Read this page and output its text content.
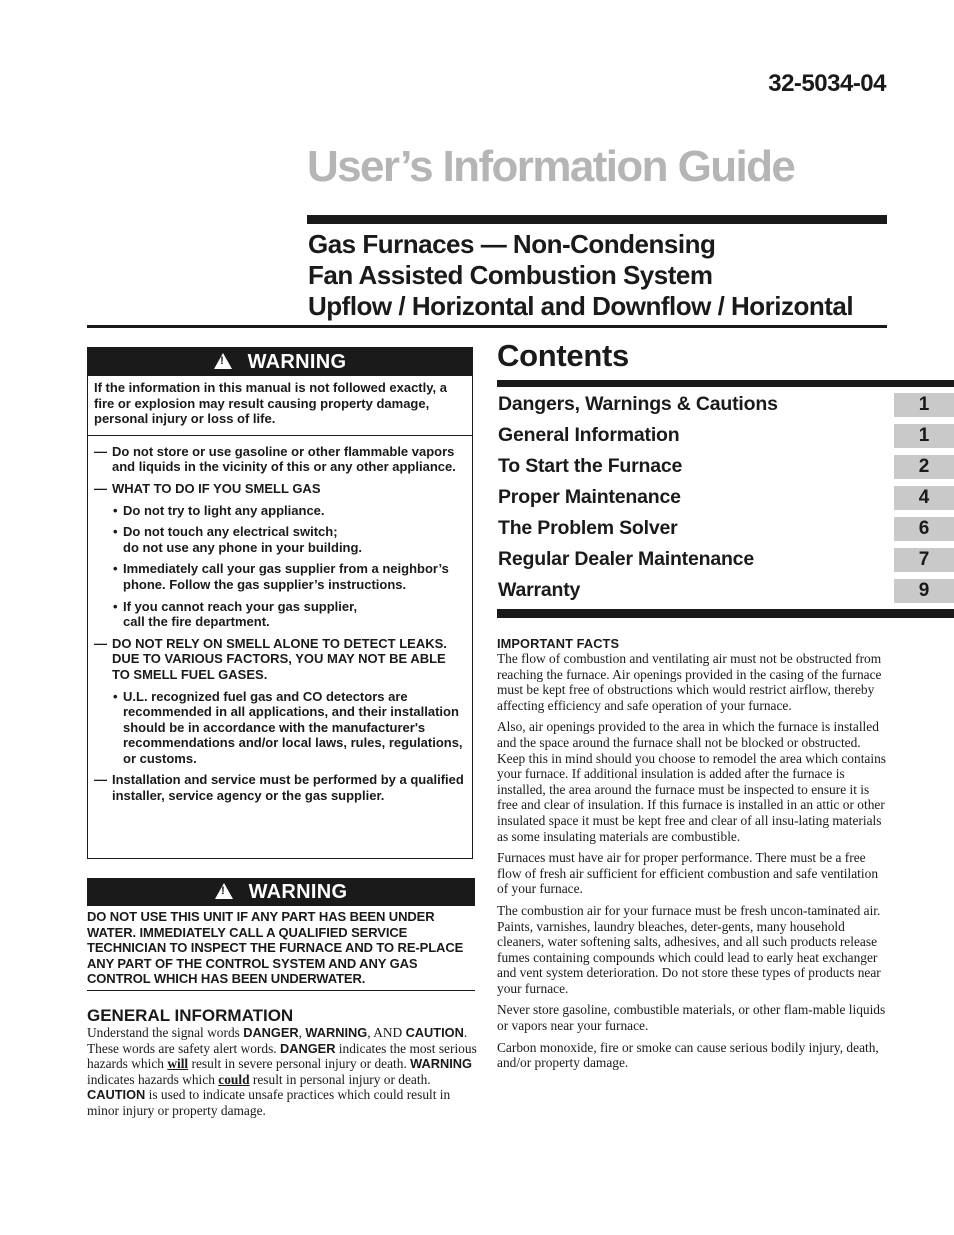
32-5034-04
User’s Information Guide
Gas Furnaces — Non-Condensing
Fan Assisted Combustion System
Upflow / Horizontal and Downflow / Horizontal
!WARNING
If the information in this manual is not followed exactly, a fire or explosion may result causing property damage, personal injury or loss of life.
— Do not store or use gasoline or other flammable vapors and liquids in the vicinity of this or any other appliance.
— WHAT TO DO IF YOU SMELL GAS
• Do not try to light any appliance.
• Do not touch any electrical switch;
do not use any phone in your building.
• Immediately call your gas supplier from a neighbor’s phone. Follow the gas supplier’s instructions.
• If you cannot reach your gas supplier,
call the fire department.
— DO NOT RELY ON SMELL ALONE TO DETECT LEAKS. DUE TO VARIOUS FACTORS, YOU MAY NOT BE ABLE TO SMELL FUEL GASES.
• U.L. recognized fuel gas and CO detectors are recommended in all applications, and their installation should be in accordance with the manufacturer's recommendations and/or local laws, rules, regulations, or customs.
— Installation and service must be performed by a qualified installer, service agency or the gas supplier.
!WARNING
DO NOT USE THIS UNIT IF ANY PART HAS BEEN UNDER WATER. IMMEDIATELY CALL A QUALIFIED SERVICE TECHNICIAN TO INSPECT THE FURNACE AND TO RE-PLACE ANY PART OF THE CONTROL SYSTEM AND ANY GAS CONTROL WHICH HAS BEEN UNDERWATER.
GENERAL INFORMATION
Understand the signal words DANGER, WARNING, AND CAUTION. These words are safety alert words. DANGER indicates the most serious hazards which will result in severe personal injury or death. WARNING indicates hazards which could result in personal injury or death. CAUTION is used to indicate unsafe practices which could result in minor injury or property damage.
Contents
Dangers, Warnings & Cautions	1
General Information	1
To Start the Furnace	2
Proper Maintenance	4
The Problem Solver	6
Regular Dealer Maintenance	7
Warranty	9
IMPORTANT FACTS

The flow of combustion and ventilating air must not be obstructed from reaching the furnace. Air openings provided in the casing of the furnace must be kept free of obstructions which would restrict airflow, thereby affecting efficiency and safe operation of your furnace.

Also, air openings provided to the area in which the furnace is installed and the space around the furnace shall not be blocked or obstructed. Keep this in mind should you choose to remodel the area which contains your furnace. If additional insulation is added after the furnace is installed, the area around the furnace must be inspected to ensure it is free and clear of insulation. If this furnace is installed in an attic or other insulated space it must be kept free and clear of all insu-lating materials as some insulating materials are combustible.

Furnaces must have air for proper performance. There must be a free flow of fresh air sufficient for efficient combustion and safe ventilation of your furnace.

The combustion air for your furnace must be fresh uncon-taminated air. Paints, varnishes, laundry bleaches, deter-gents, many household cleaners, water softening salts, adhesives, and all such products release fumes containing compounds which could lead to early heat exchanger and vent system deterioration. Do not store these types of products near your furnace.

Never store gasoline, combustible materials, or other flam-mable liquids or vapors near your furnace.

Carbon monoxide, fire or smoke can cause serious bodily injury, death, and/or property damage.
